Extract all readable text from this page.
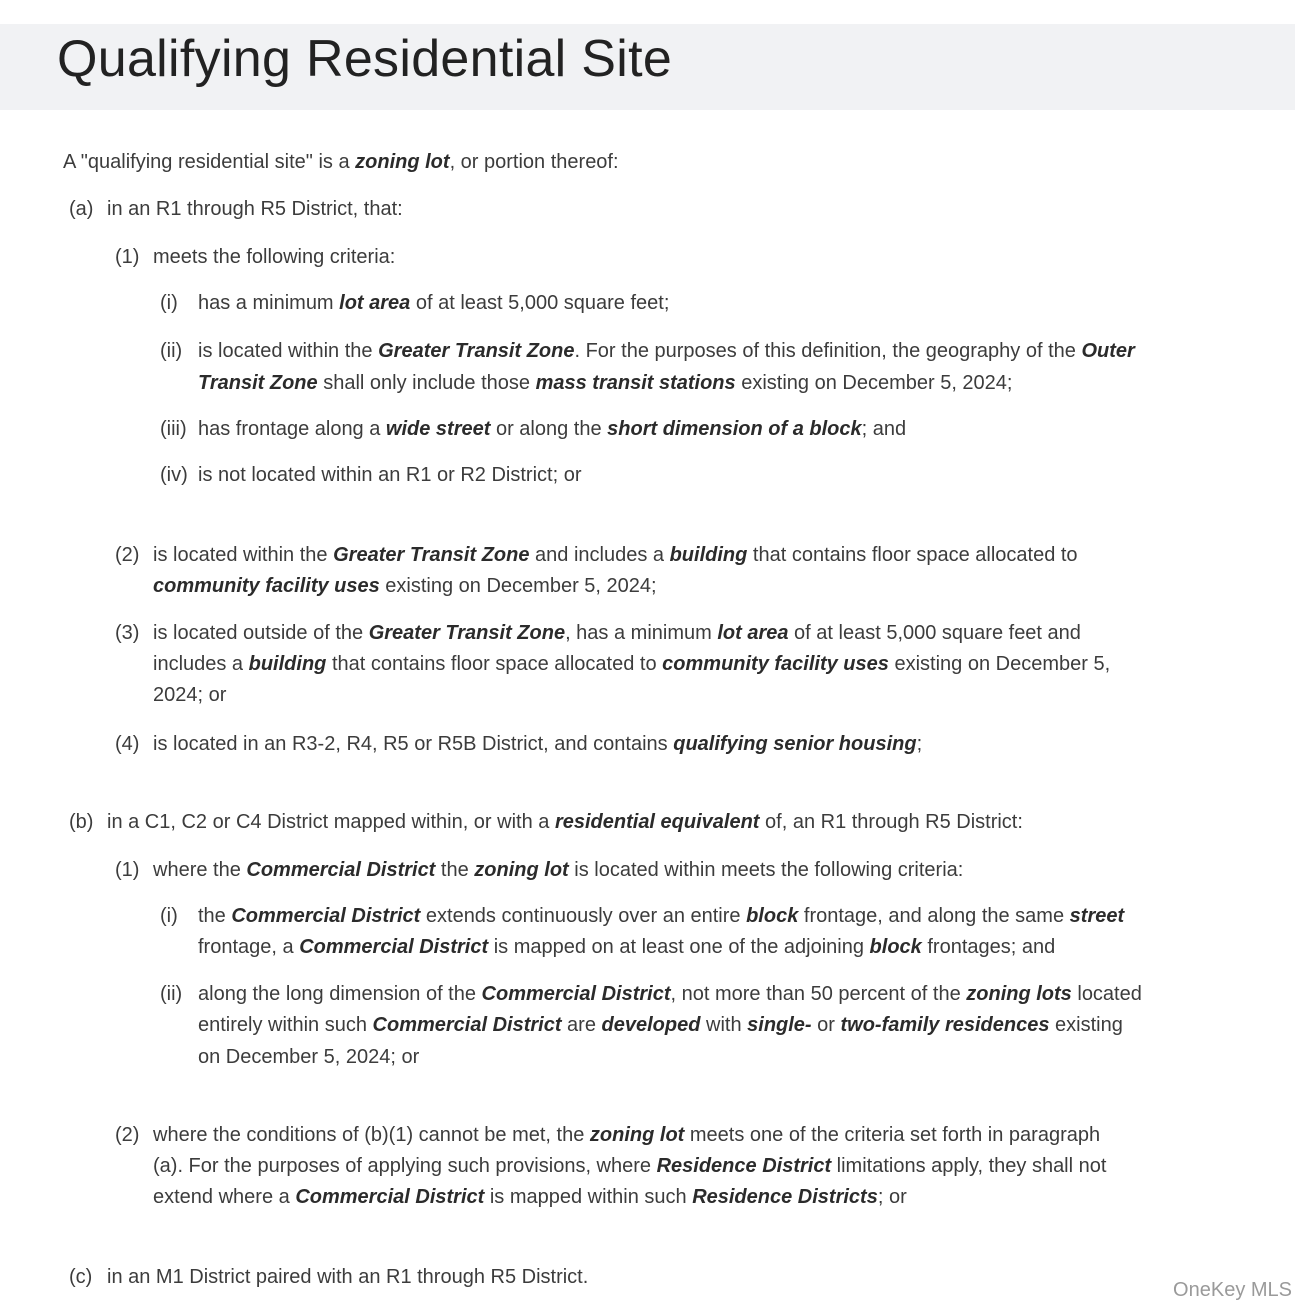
Qualifying Residential Site

A "qualifying residential site" is a zoning lot, or portion thereof:

(a) in an R1 through R5 District, that:

(1) meets the following criteria:

(i) has a minimum lot area of at least 5,000 square feet;

(ii) is located within the Greater Transit Zone. For the purposes of this definition, the geography of the Outer

Transit Zone shall only include those mass transit stations existing on December 5, 2024;

(iii) has frontage along a wide street or along the short dimension of a block; and

(iv) is not located within an R1 or R2 District; or

(2) is located within the Greater Transit Zone and includes a building that contains floor space allocated to

community facility uses existing on December 5, 2024;

(3) is located outside of the Greater Transit Zone, has a minimum lot area of at least 5,000 square feet and

includes a building that contains floor space allocated to community facility uses existing on December 5,

2024; or

(4) is located in an R3-2, R4, R5 or R5B District, and contains qualifying senior housing;

(b) in a C1, C2 or C4 District mapped within, or with a residential equivalent of, an R1 through R5 District:

(1) where the Commercial District the zoning lot is located within meets the following criteria:

(i) the Commercial District extends continuously over an entire block frontage, and along the same street

frontage, a Commercial District is mapped on at least one of the adjoining block frontages; and

(ii) along the long dimension of the Commercial District, not more than 50 percent of the zoning lots located

entirely within such Commercial District are developed with single- or two-family residences existing

on December 5, 2024; or

(2) where the conditions of (b)(1) cannot be met, the zoning lot meets one of the criteria set forth in paragraph

(a). For the purposes of applying such provisions, where Residence District limitations apply, they shall not

extend where a Commercial District is mapped within such Residence Districts; or

(c) in an M1 District paired with an R1 through R5 District.

OneKey MLS
